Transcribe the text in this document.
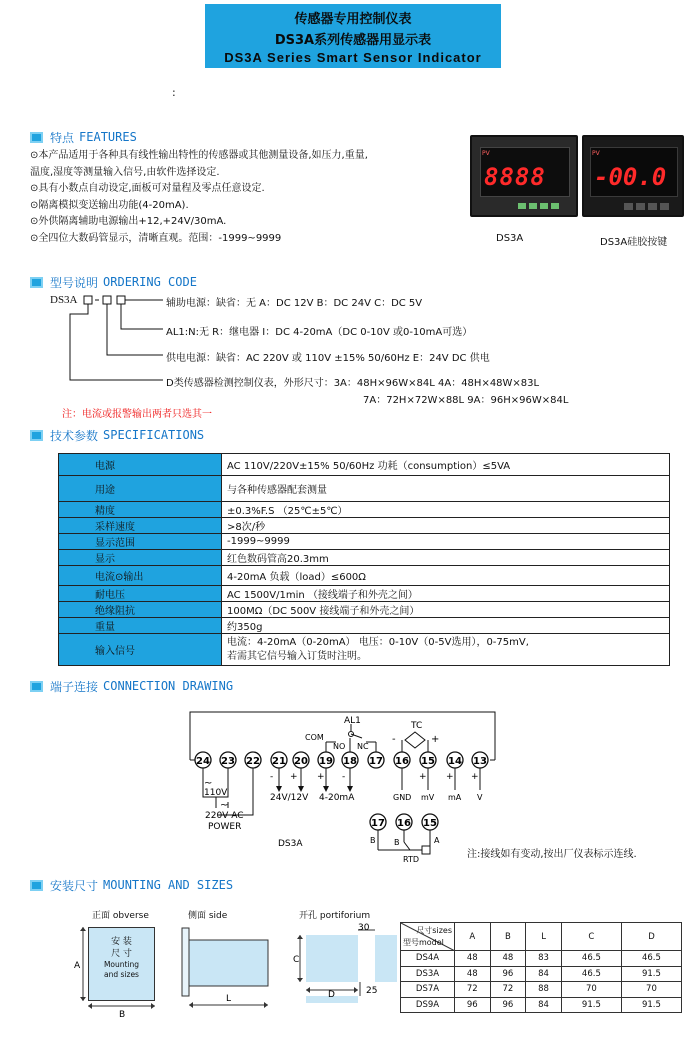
传感器专用控制仪表
DS3A系列传感器用显示表
DS3A Series Smart Sensor Indicator
:
特点 FEATURES
⊙本产品适用于各种具有线性输出特性的传感器或其他测量设备,如压力,重量,
温度,湿度等测量输入信号,由软件选择设定.
⊙具有小数点自动设定,面板可对量程及零点任意设定.
⊙隔离模拟变送输出功能(4-20mA).
⊙外供隔离辅助电源输出+12,+24V/30mA.
⊙全四位大数码管显示，清晰直观。范围：-1999~9999
8888
PV
DS3A
-00.0
PV
DS3A硅胶按键
型号说明 ORDERING CODE
DS3A	辅助电源：缺省：无 A：DC 12V B：DC 24V C：DC 5V
AL1:N:无 R：继电器 I：DC 4-20mA（DC 0-10V 或0-10mA可选）
供电电源：缺省：AC 220V 或 110V ±15% 50/60Hz E：24V DC 供电
D类传感器检测控制仪表，外形尺寸：3A：48H×96W×84L 4A：48H×48W×83L
7A：72H×72W×88L 9A：96H×96W×84L
注：电流或报警输出两者只选其一
技术参数 SPECIFICATIONS
电源	AC 110V/220V±15% 50/60Hz 功耗（consumption）≤5VA
用途	与各种传感器配套测量
精度	±0.3%F.S （25℃±5℃）
采样速度	>8次/秒
显示范围	-1999~9999
显示	红色数码管高20.3mm
电流⊙输出	4-20mA 负载（load）≤600Ω
耐电压	AC 1500V/1min （接线端子和外壳之间）
绝缘阻抗	100MΩ（DC 500V 接线端子和外壳之间）
重量	约350g
输入信号	电流：4-20mA（0-20mA） 电压：0-10V（0-5V选用），0-75mV,
若需其它信号输入订货时注明。
端子连接 CONNECTION DRAWING
24 23 22 21 20 19 18 17 16 15 14 13
17 16 15
AL1
COM
NO NC
TC
-	+
~
110V
~
220V AC
POWER
- + + -
24V/12V 4-20mA
+ + +
GND mV mA V
B B	A
RTD
DS3A
注:接线如有变动,按出厂仪表标示连线.
安装尺寸 MOUNTING AND SIZES
正面 obverse	侧面 side	开孔 portiforium
安 装
尺 寸
Mounting
and sizes
A
B
L
C
D
30
25
尺寸sizes
型号model	A	B	L	C	D
DS4A	48	48	83	46.5	46.5
DS3A	48	96	84	46.5	91.5
DS7A	72	72	88	70	70
DS9A	96	96	84	91.5	91.5
